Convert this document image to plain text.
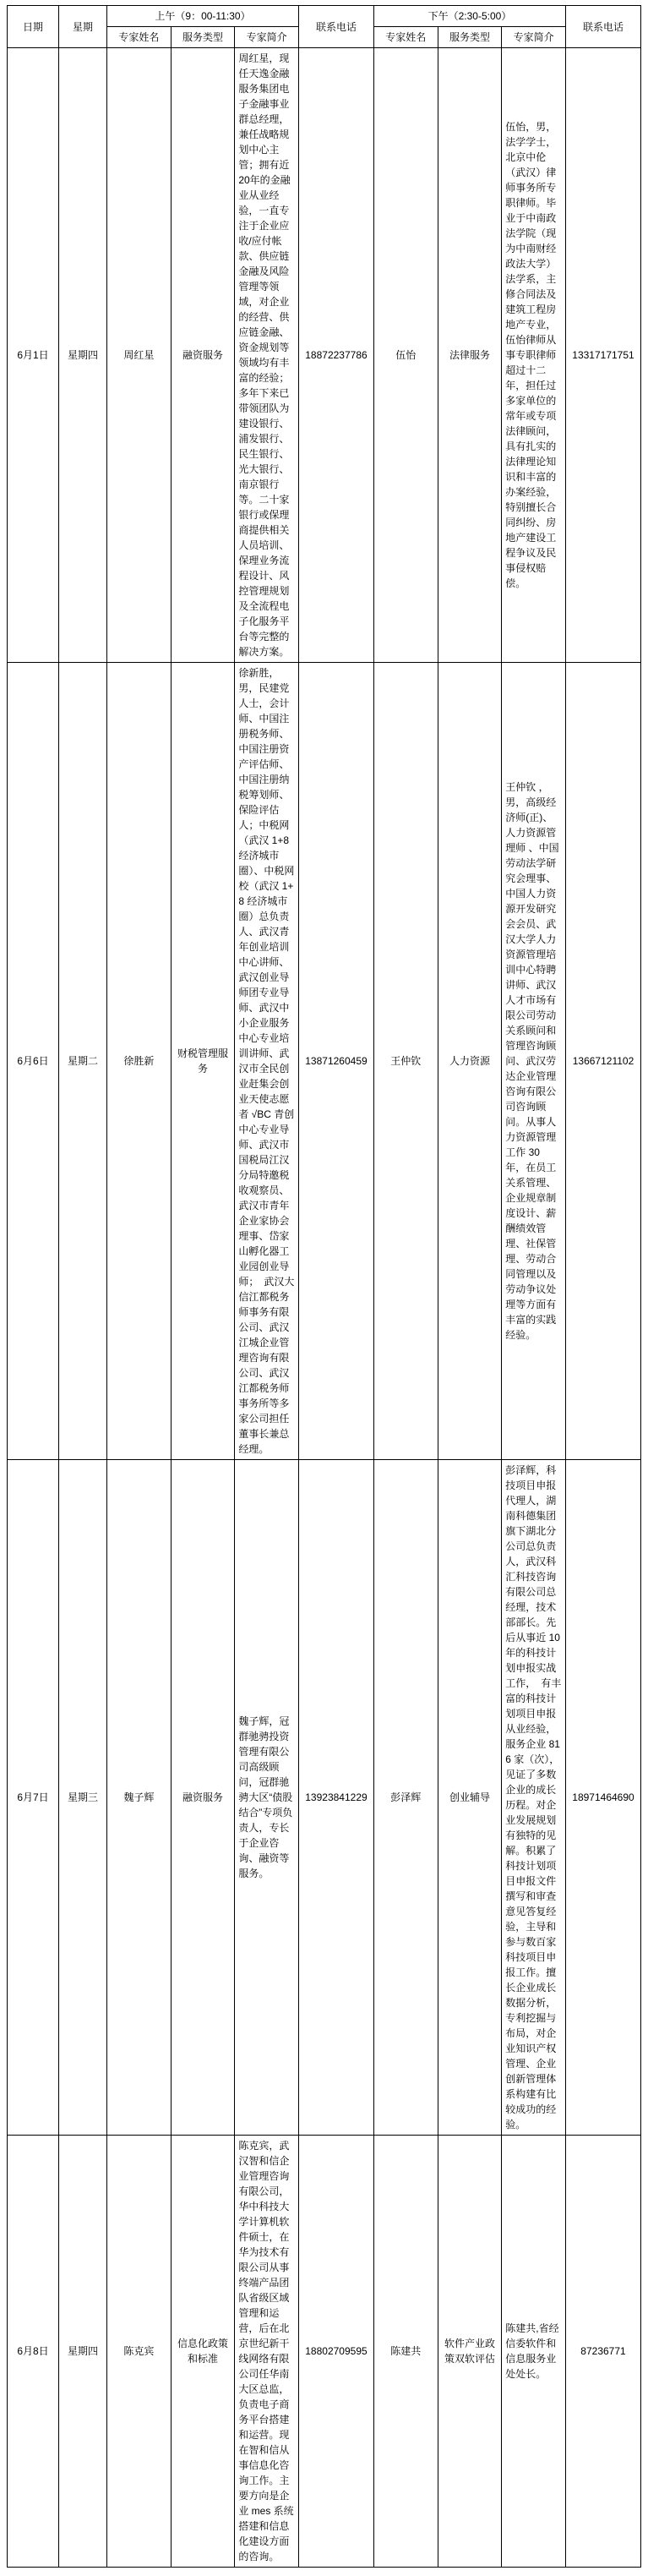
日期	星期	上午（9：00-11:30）			联系电话	下午（2:30-5:00）			联系电话
		专家姓名	服务类型	专家简介		专家姓名	服务类型	专家简介	
6月1日	星期四	周红星	融资服务	周红星，现任天逸金融服务集团电子金融事业群总经理，兼任战略规划中心主管；拥有近20年的金融业从业经验，一直专注于企业应收/应付帐款、供应链金融及风险管理等领域，对企业的经营、供应链金融、资金规划等领域均有丰富的经验；多年下来已带领团队为建设银行、浦发银行、民生银行、光大银行、南京银行等。二十家银行或保理商提供相关人员培训、保理业务流程设计、风控管理规划及全流程电子化服务平台等完整的解决方案。	18872237786	伍怡	法律服务	伍怡，男，法学学士，北京中伦（武汉）律师事务所专职律师。毕业于中南政法学院（现为中南财经政法大学）法学系，主修合同法及建筑工程房地产专业，伍怡律师从事专职律师超过十二年，担任过多家单位的常年或专项法律顾问，具有扎实的法律理论知识和丰富的办案经验，特别擅长合同纠纷、房地产建设工程争议及民事侵权赔偿。	13317171751
6月6日	星期二	徐胜新	财税管理服务	徐新胜，男，民建党人士，会计师、中国注册税务师、中国注册资产评估师、中国注册纳税筹划师、保险评估人；中税网（武汉 1+8 经济城市圈）、中税网校（武汉 1+8 经济城市圈）总负责人、武汉青年创业培训中心讲师、武汉创业导师团专业导师、武汉中小企业服务中心专业培训讲师、武汉市全民创业赶集会创业天使志愿者 √BC 青创中心专业导师、武汉市国税局江汉分局特邀税收观察员、武汉市青年企业家协会理事、岱家山孵化器工业园创业导师；　武汉大信江都税务师事务有限公司、武汉江城企业管理咨询有限公司、武汉江都税务师事务所等多家公司担任董事长兼总经理。	13871260459	王仲钦	人力资源	王仲钦 ，男，高级经济师(正)、人力资源管理师 、中国劳动法学研究会理事、中国人力资源开发研究会会员、武汉大学人力资源管理培训中心特聘讲师、武汉人才市场有限公司劳动关系顾问和管理咨询顾问、武汉劳达企业管理咨询有限公司咨询顾问。从事人力资源管理工作 30 年，在员工关系管理、企业规章制度设计、薪酬绩效管理、社保管理、劳动合同管理以及劳动争议处理等方面有丰富的实践经验。	13667121102
6月7日	星期三	魏子辉	融资服务	魏子辉，冠群驰骋投资管理有限公司高级顾问，冠群驰骋大区“债股结合”专项负责人，专长于企业咨询、融资等服务。	13923841229	彭泽辉	创业辅导	彭泽辉，科技项目申报代理人，湖南科德集团旗下湖北分公司总负责人，武汉科汇科技咨询有限公司总经理，技术部部长。先后从事近 10 年的科技计划申报实战工作，　有丰富的科技计划项目申报从业经验，服务企业 816 家（次），见证了多数企业的成长历程。对企业发展规划有独特的见解。积累了科技计划项目申报文件撰写和审查意见答复经验，主导和参与数百家科技项目申报工作。擅长企业成长数据分析，专利挖掘与布局，对企业知识产权管理、企业创新管理体系构建有比较成功的经验。	18971464690
6月8日	星期四	陈克宾	信息化政策和标准	陈克宾，武汉智和信企业管理咨询有限公司，华中科技大学计算机软件硕士，在华为技术有限公司从事终端产品团队省级区域管理和运营，后在北京世纪新干线网络有限公司任华南大区总监，负责电子商务平台搭建和运营。现在智和信从事信息化咨询工作。主要方向是企业 mes 系统搭建和信息化建设方面的咨询。	18802709595	陈建共	软件产业政策双软评估	陈建共,省经信委软件和信息服务业处处长。	87236771
